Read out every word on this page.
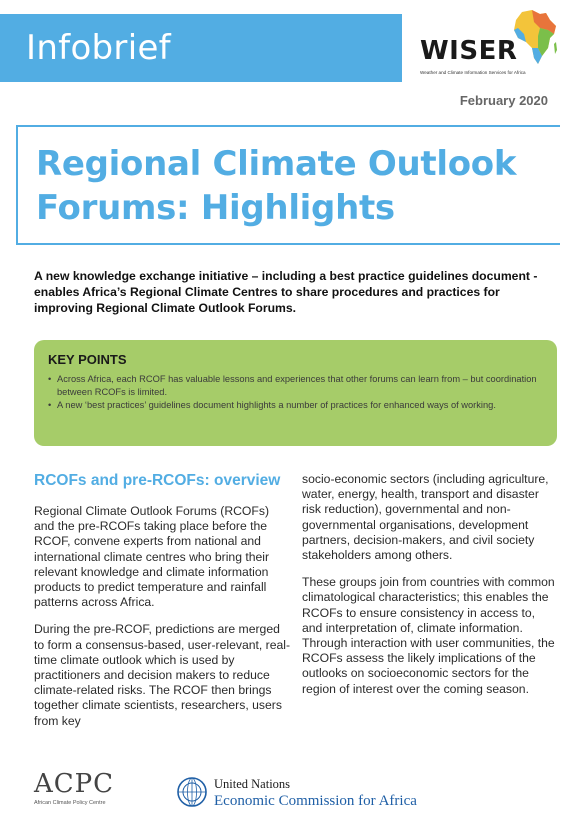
Infobrief	WISER
Weather and Climate Information Services for Africa
February 2020
Regional Climate Outlook Forums: Highlights

A new knowledge exchange initiative – including a best practice guidelines document - enables Africa’s Regional Climate Centres to share procedures and practices for improving Regional Climate Outlook Forums.

KEY POINTS
• Across Africa, each RCOF has valuable lessons and experiences that other forums can learn from – but coordination between RCOFs is limited.
• A new ‘best practices’ guidelines document highlights a number of practices for enhanced ways of working.
RCOFs and pre-RCOFs: overview

Regional Climate Outlook Forums (RCOFs) and the pre-RCOFs taking place before the RCOF, convene experts from national and international climate centres who bring their relevant knowledge and climate information products to predict temperature and rainfall patterns across Africa.

During the pre-RCOF, predictions are merged to form a consensus-based, user-relevant, real-time climate outlook which is used by practitioners and decision makers to reduce climate-related risks. The RCOF then brings together climate scientists, researchers, users from key

socio-economic sectors (including agriculture, water, energy, health, transport and disaster risk reduction), governmental and non-governmental organisations, development partners, decision-makers, and civil society stakeholders among others.

These groups join from countries with common climatological characteristics; this enables the RCOFs to ensure consistency in access to, and interpretation of, climate information. Through interaction with user communities, the RCOFs assess the likely implications of the outlooks on socioeconomic sectors for the region of interest over the coming season.

ACPC
African Climate Policy Centre
United Nations
Economic Commission for Africa
